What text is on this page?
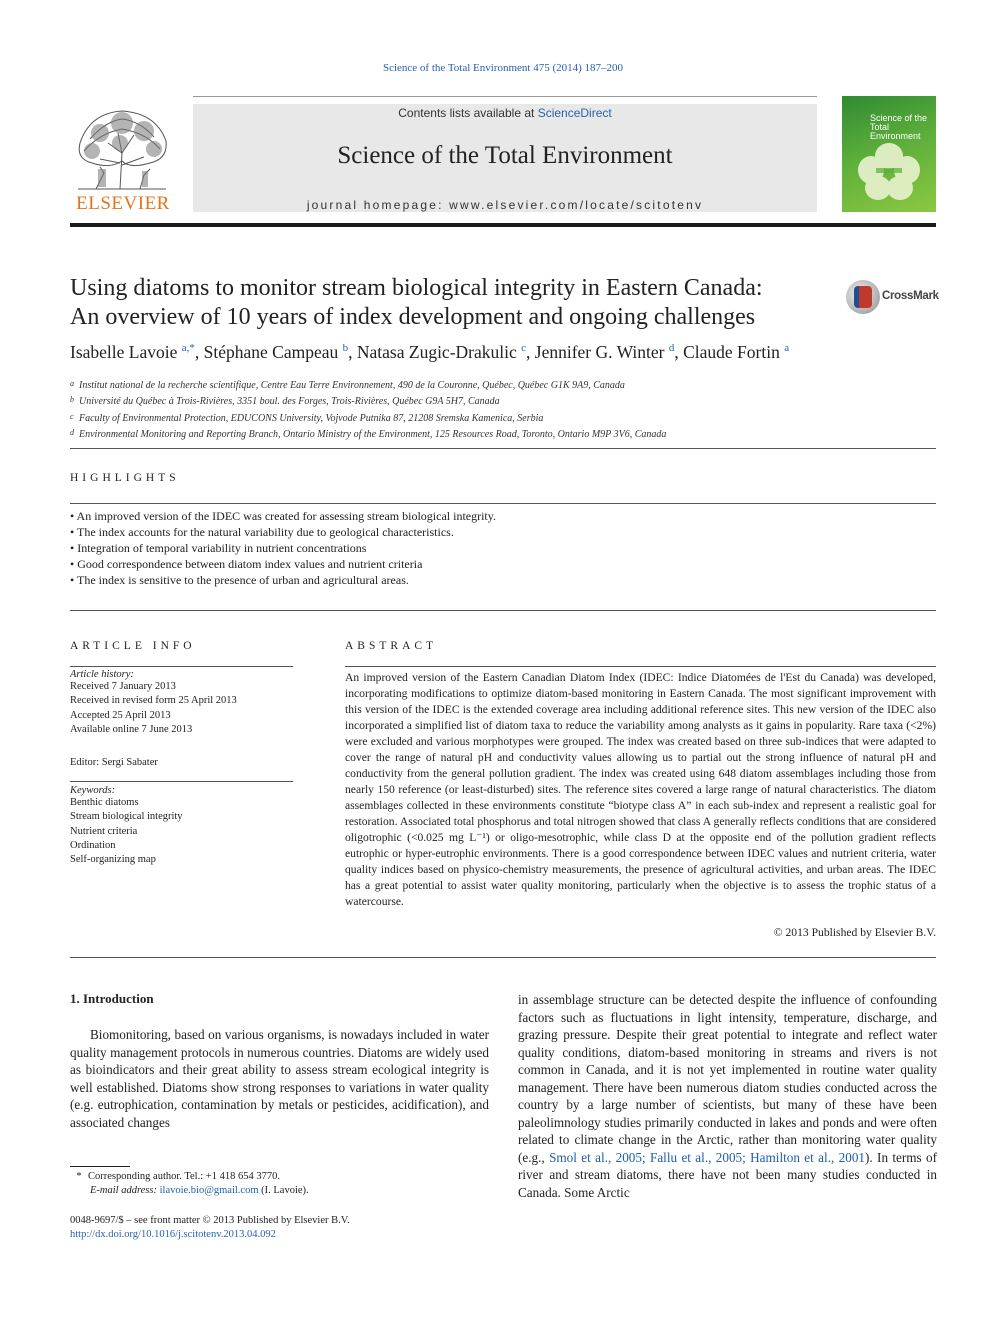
Science of the Total Environment 475 (2014) 187–200
Contents lists available at ScienceDirect
Science of the Total Environment
journal homepage: www.elsevier.com/locate/scitotenv
ELSEVIER
Science of the Total Environment
Using diatoms to monitor stream biological integrity in Eastern Canada:
An overview of 10 years of index development and ongoing challenges
CrossMark
Isabelle Lavoie $^{a,*}$, Stéphane Campeau $^b$, Natasa Zugic-Drakulic $^c$, Jennifer G. Winter $^d$, Claude Fortin $^a$
a Institut national de la recherche scientifique, Centre Eau Terre Environnement, 490 de la Couronne, Québec, Québec G1K 9A9, Canada
b Université du Québec à Trois-Rivières, 3351 boul. des Forges, Trois-Rivières, Québec G9A 5H7, Canada
c Faculty of Environmental Protection, EDUCONS University, Vojvode Putnika 87, 21208 Sremska Kamenica, Serbia
d Environmental Monitoring and Reporting Branch, Ontario Ministry of the Environment, 125 Resources Road, Toronto, Ontario M9P 3V6, Canada
HIGHLIGHTS
• An improved version of the IDEC was created for assessing stream biological integrity.
• The index accounts for the natural variability due to geological characteristics.
• Integration of temporal variability in nutrient concentrations
• Good correspondence between diatom index values and nutrient criteria
• The index is sensitive to the presence of urban and agricultural areas.
ARTICLE INFO
Article history:
Received 7 January 2013
Received in revised form 25 April 2013
Accepted 25 April 2013
Available online 7 June 2013
Editor: Sergi Sabater
Keywords:
Benthic diatoms
Stream biological integrity
Nutrient criteria
Ordination
Self-organizing map
ABSTRACT
An improved version of the Eastern Canadian Diatom Index (IDEC: Indice Diatomées de l'Est du Canada) was developed, incorporating modifications to optimize diatom-based monitoring in Eastern Canada. The most significant improvement with this version of the IDEC is the extended coverage area including additional reference sites. This new version of the IDEC also incorporated a simplified list of diatom taxa to reduce the variability among analysts as it gains in popularity. Rare taxa (<2%) were excluded and various morphotypes were grouped. The index was created based on three sub-indices that were adapted to cover the range of natural pH and conductivity values allowing us to partial out the strong influence of natural pH and conductivity from the general pollution gradient. The index was created using 648 diatom assemblages including those from nearly 150 reference (or least-disturbed) sites. The reference sites covered a large range of natural characteristics. The diatom assemblages collected in these environments constitute “biotype class A” in each sub-index and represent a realistic goal for restoration. Associated total phosphorus and total nitrogen showed that class A generally reflects conditions that are considered oligotrophic (<0.025 mg L⁻¹) or oligo-mesotrophic, while class D at the opposite end of the pollution gradient reflects eutrophic or hyper-eutrophic environments. There is a good correspondence between IDEC values and nutrient criteria, water quality indices based on physico-chemistry measurements, the presence of agricultural activities, and urban areas. The IDEC has a great potential to assist water quality monitoring, particularly when the objective is to assess the trophic status of a watercourse.
© 2013 Published by Elsevier B.V.
1. Introduction
Biomonitoring, based on various organisms, is nowadays included in water quality management protocols in numerous countries. Diatoms are widely used as bioindicators and their great ability to assess stream ecological integrity is well established. Diatoms show strong responses to variations in water quality (e.g. eutrophication, contamination by metals or pesticides, acidification), and associated changes
in assemblage structure can be detected despite the influence of confounding factors such as fluctuations in light intensity, temperature, discharge, and grazing pressure. Despite their great potential to integrate and reflect water quality conditions, diatom-based monitoring in streams and rivers is not common in Canada, and it is not yet implemented in routine water quality management. There have been numerous diatom studies conducted across the country by a large number of scientists, but many of these have been paleolimnology studies primarily conducted in lakes and ponds and were often related to climate change in the Arctic, rather than monitoring water quality (e.g., Smol et al., 2005; Fallu et al., 2005; Hamilton et al., 2001). In terms of river and stream diatoms, there have not been many studies conducted in Canada. Some Arctic
* Corresponding author. Tel.: +1 418 654 3770.
E-mail address: ilavoie.bio@gmail.com (I. Lavoie).
0048-9697/$ – see front matter © 2013 Published by Elsevier B.V.
http://dx.doi.org/10.1016/j.scitotenv.2013.04.092
